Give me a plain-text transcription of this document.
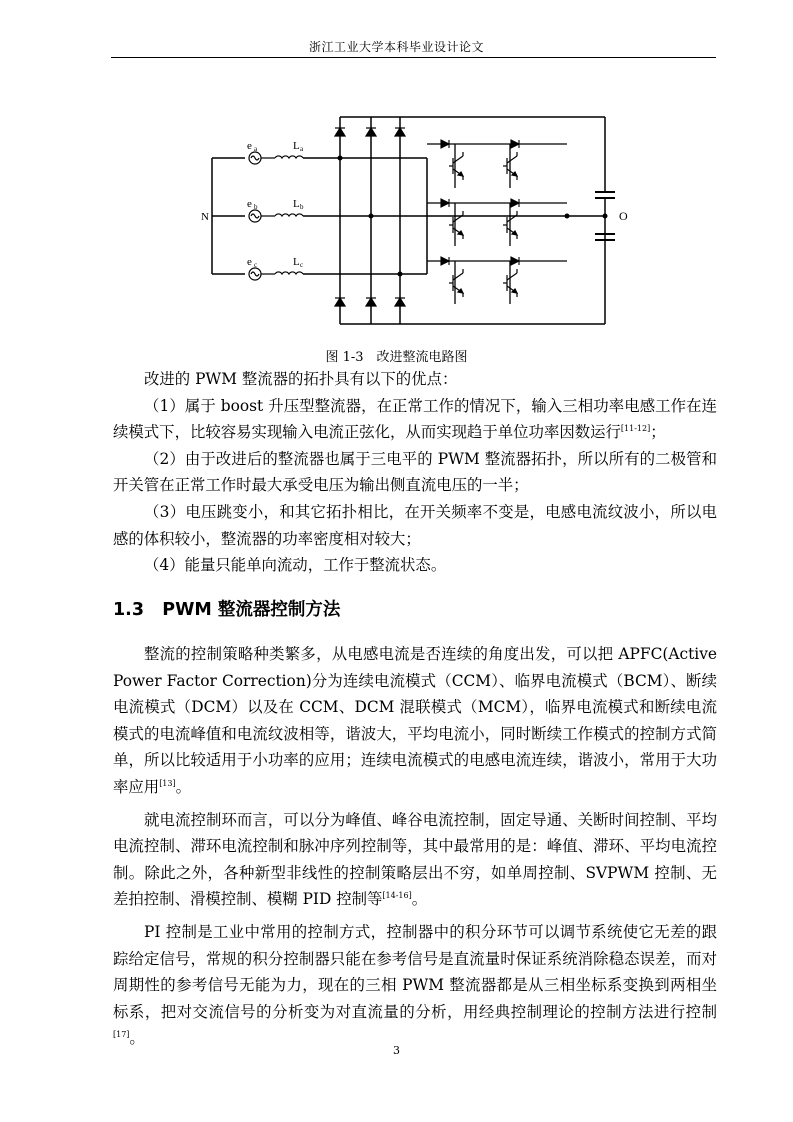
浙江工业大学本科毕业设计论文
e a
e b
e c
L a
L b
L c
N	O
图 1-3　改进整流电路图

改进的 PWM 整流器的拓扑具有以下的优点：

（1）属于 boost 升压型整流器，在正常工作的情况下，输入三相功率电感工作在连续模式下，比较容易实现输入电流正弦化，从而实现趋于单位功率因数运行[11-12]；

（2）由于改进后的整流器也属于三电平的 PWM 整流器拓扑，所以所有的二极管和开关管在正常工作时最大承受电压为输出侧直流电压的一半；

（3）电压跳变小，和其它拓扑相比，在开关频率不变是，电感电流纹波小，所以电感的体积较小，整流器的功率密度相对较大；

（4）能量只能单向流动，工作于整流状态。

1.3 PWM 整流器控制方法

整流的控制策略种类繁多，从电感电流是否连续的角度出发，可以把 APFC(Active Power Factor Correction)分为连续电流模式（CCM）、临界电流模式（BCM）、断续电流模式（DCM）以及在 CCM、DCM 混联模式（MCM），临界电流模式和断续电流模式的电流峰值和电流纹波相等，谐波大，平均电流小，同时断续工作模式的控制方式简单，所以比较适用于小功率的应用；连续电流模式的电感电流连续，谐波小，常用于大功率应用[13]。

就电流控制环而言，可以分为峰值、峰谷电流控制，固定导通、关断时间控制、平均电流控制、滞环电流控制和脉冲序列控制等，其中最常用的是：峰值、滞环、平均电流控制。除此之外，各种新型非线性的控制策略层出不穷，如单周控制、SVPWM 控制、无差拍控制、滑模控制、模糊 PID 控制等[14-16]。

PI 控制是工业中常用的控制方式，控制器中的积分环节可以调节系统使它无差的跟踪给定信号，常规的积分控制器只能在参考信号是直流量时保证系统消除稳态误差，而对周期性的参考信号无能为力，现在的三相 PWM 整流器都是从三相坐标系变换到两相坐标系，把对交流信号的分析变为对直流量的分析，用经典控制理论的控制方法进行控制[17]。

3
